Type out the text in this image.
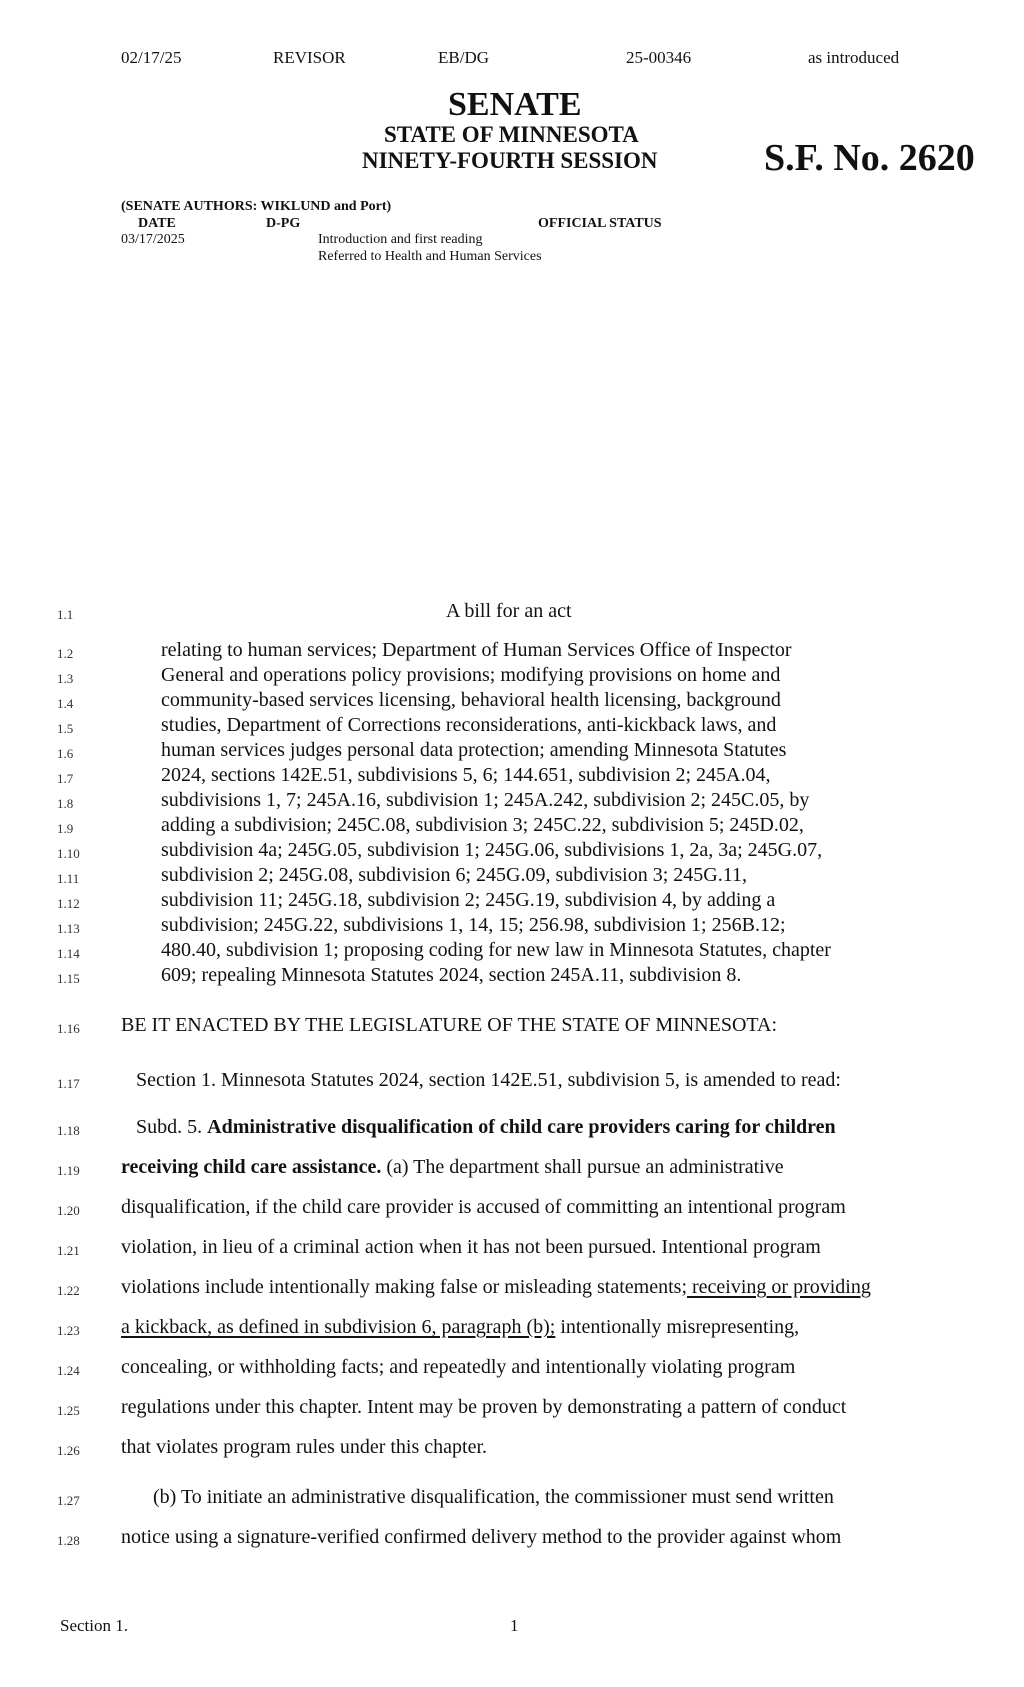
02/17/25	REVISOR	EB/DG	25-00346	as introduced
SENATE
STATE OF MINNESOTA
NINETY-FOURTH SESSION	S.F. No. 2620
(SENATE AUTHORS: WIKLUND and Port)
DATE	D-PG	OFFICIAL STATUS
03/17/2025	Introduction and first reading
Referred to Health and Human Services
1.1	A bill for an act
1.2	relating to human services; Department of Human Services Office of Inspector
1.3	General and operations policy provisions; modifying provisions on home and
1.4	community-based services licensing, behavioral health licensing, background
1.5	studies, Department of Corrections reconsiderations, anti-kickback laws, and
1.6	human services judges personal data protection; amending Minnesota Statutes
1.7	2024, sections 142E.51, subdivisions 5, 6; 144.651, subdivision 2; 245A.04,
1.8	subdivisions 1, 7; 245A.16, subdivision 1; 245A.242, subdivision 2; 245C.05, by
1.9	adding a subdivision; 245C.08, subdivision 3; 245C.22, subdivision 5; 245D.02,
1.10	subdivision 4a; 245G.05, subdivision 1; 245G.06, subdivisions 1, 2a, 3a; 245G.07,
1.11	subdivision 2; 245G.08, subdivision 6; 245G.09, subdivision 3; 245G.11,
1.12	subdivision 11; 245G.18, subdivision 2; 245G.19, subdivision 4, by adding a
1.13	subdivision; 245G.22, subdivisions 1, 14, 15; 256.98, subdivision 1; 256B.12;
1.14	480.40, subdivision 1; proposing coding for new law in Minnesota Statutes, chapter
1.15	609; repealing Minnesota Statutes 2024, section 245A.11, subdivision 8.
1.16 BE IT ENACTED BY THE LEGISLATURE OF THE STATE OF MINNESOTA:
1.17	Section 1. Minnesota Statutes 2024, section 142E.51, subdivision 5, is amended to read:
1.18	Subd. 5. Administrative disqualification of child care providers caring for children
1.19 receiving child care assistance. (a) The department shall pursue an administrative
1.20 disqualification, if the child care provider is accused of committing an intentional program
1.21 violation, in lieu of a criminal action when it has not been pursued. Intentional program
1.22 violations include intentionally making false or misleading statements; receiving or providing
1.23 a kickback, as defined in subdivision 6, paragraph (b); intentionally misrepresenting,
1.24 concealing, or withholding facts; and repeatedly and intentionally violating program
1.25 regulations under this chapter. Intent may be proven by demonstrating a pattern of conduct
1.26 that violates program rules under this chapter.
1.27	(b) To initiate an administrative disqualification, the commissioner must send written
1.28 notice using a signature-verified confirmed delivery method to the provider against whom
Section 1.	1
